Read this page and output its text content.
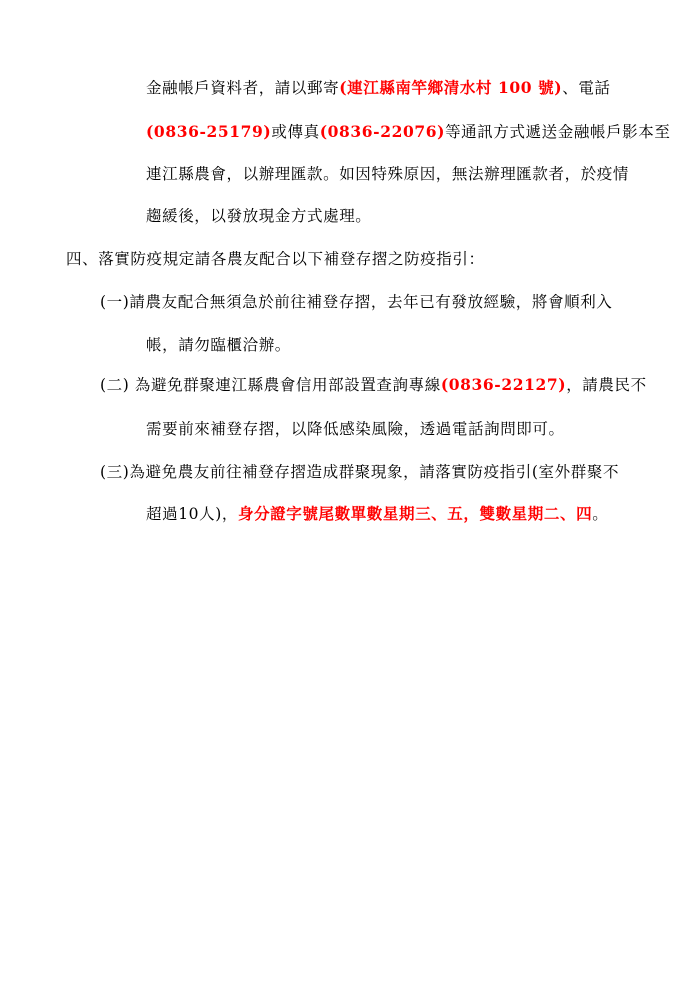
金融帳戶資料者，請以郵寄(連江縣南竿鄉清水村 100 號)、電話
(0836-25179)或傳真(0836-22076)等通訊方式遞送金融帳戶影本至
連江縣農會，以辦理匯款。如因特殊原因，無法辦理匯款者，於疫情
趨緩後，以發放現金方式處理。
四、落實防疫規定請各農友配合以下補登存摺之防疫指引：
(一)請農友配合無須急於前往補登存摺，去年已有發放經驗，將會順利入
帳，請勿臨櫃洽辦。
(二) 為避免群聚連江縣農會信用部設置查詢專線(0836-22127)，請農民不
需要前來補登存摺，以降低感染風險，透過電話詢問即可。
(三)為避免農友前往補登存摺造成群聚現象，請落實防疫指引(室外群聚不
超過10人)，身分證字號尾數單數星期三、五，雙數星期二、四。
